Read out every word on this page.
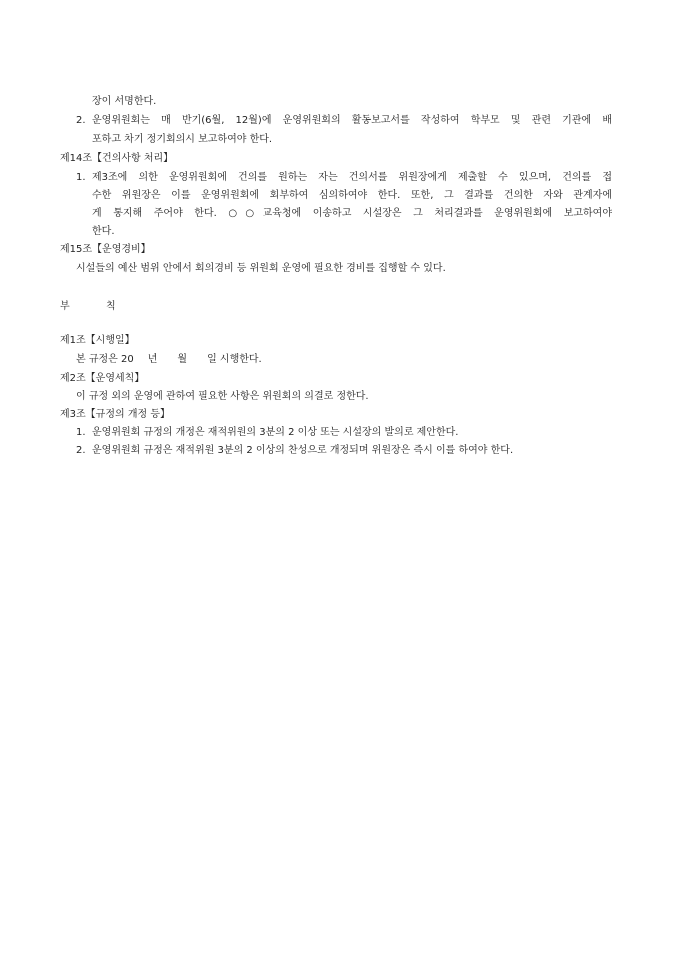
장이 서명한다.
2. 운영위원회는 매 반기(6월, 12월)에 운영위원회의 활동보고서를 작성하여 학부모 및 관련 기관에 배
포하고 차기 정기회의시 보고하여야 한다.
제14조【건의사항 처리】
1. 제3조에 의한 운영위원회에 건의를 원하는 자는 건의서를 위원장에게 제출할 수 있으며, 건의를 접
수한 위원장은 이를 운영위원회에 회부하여 심의하여야 한다. 또한, 그 결과를 건의한 자와 관계자에
게 통지해 주어야 한다. ○○교육청에 이송하고 시설장은 그 처리결과를 운영위원회에 보고하여야
한다.
제15조【운영경비】
시설들의 예산 범위 안에서 회의경비 등 위원회 운영에 필요한 경비를 집행할 수 있다.
부	칙
제1조【시행일】
본 규정은 20 년 월 일 시행한다.
제2조【운영세칙】
이 규정 외의 운영에 관하여 필요한 사항은 위원회의 의결로 정한다.
제3조【규정의 개정 등】
1. 운영위원회 규정의 개정은 재적위원의 3분의 2 이상 또는 시설장의 발의로 제안한다.
2. 운영위원회 규정은 재적위원 3분의 2 이상의 찬성으로 개정되며 위원장은 즉시 이를 하여야 한다.
